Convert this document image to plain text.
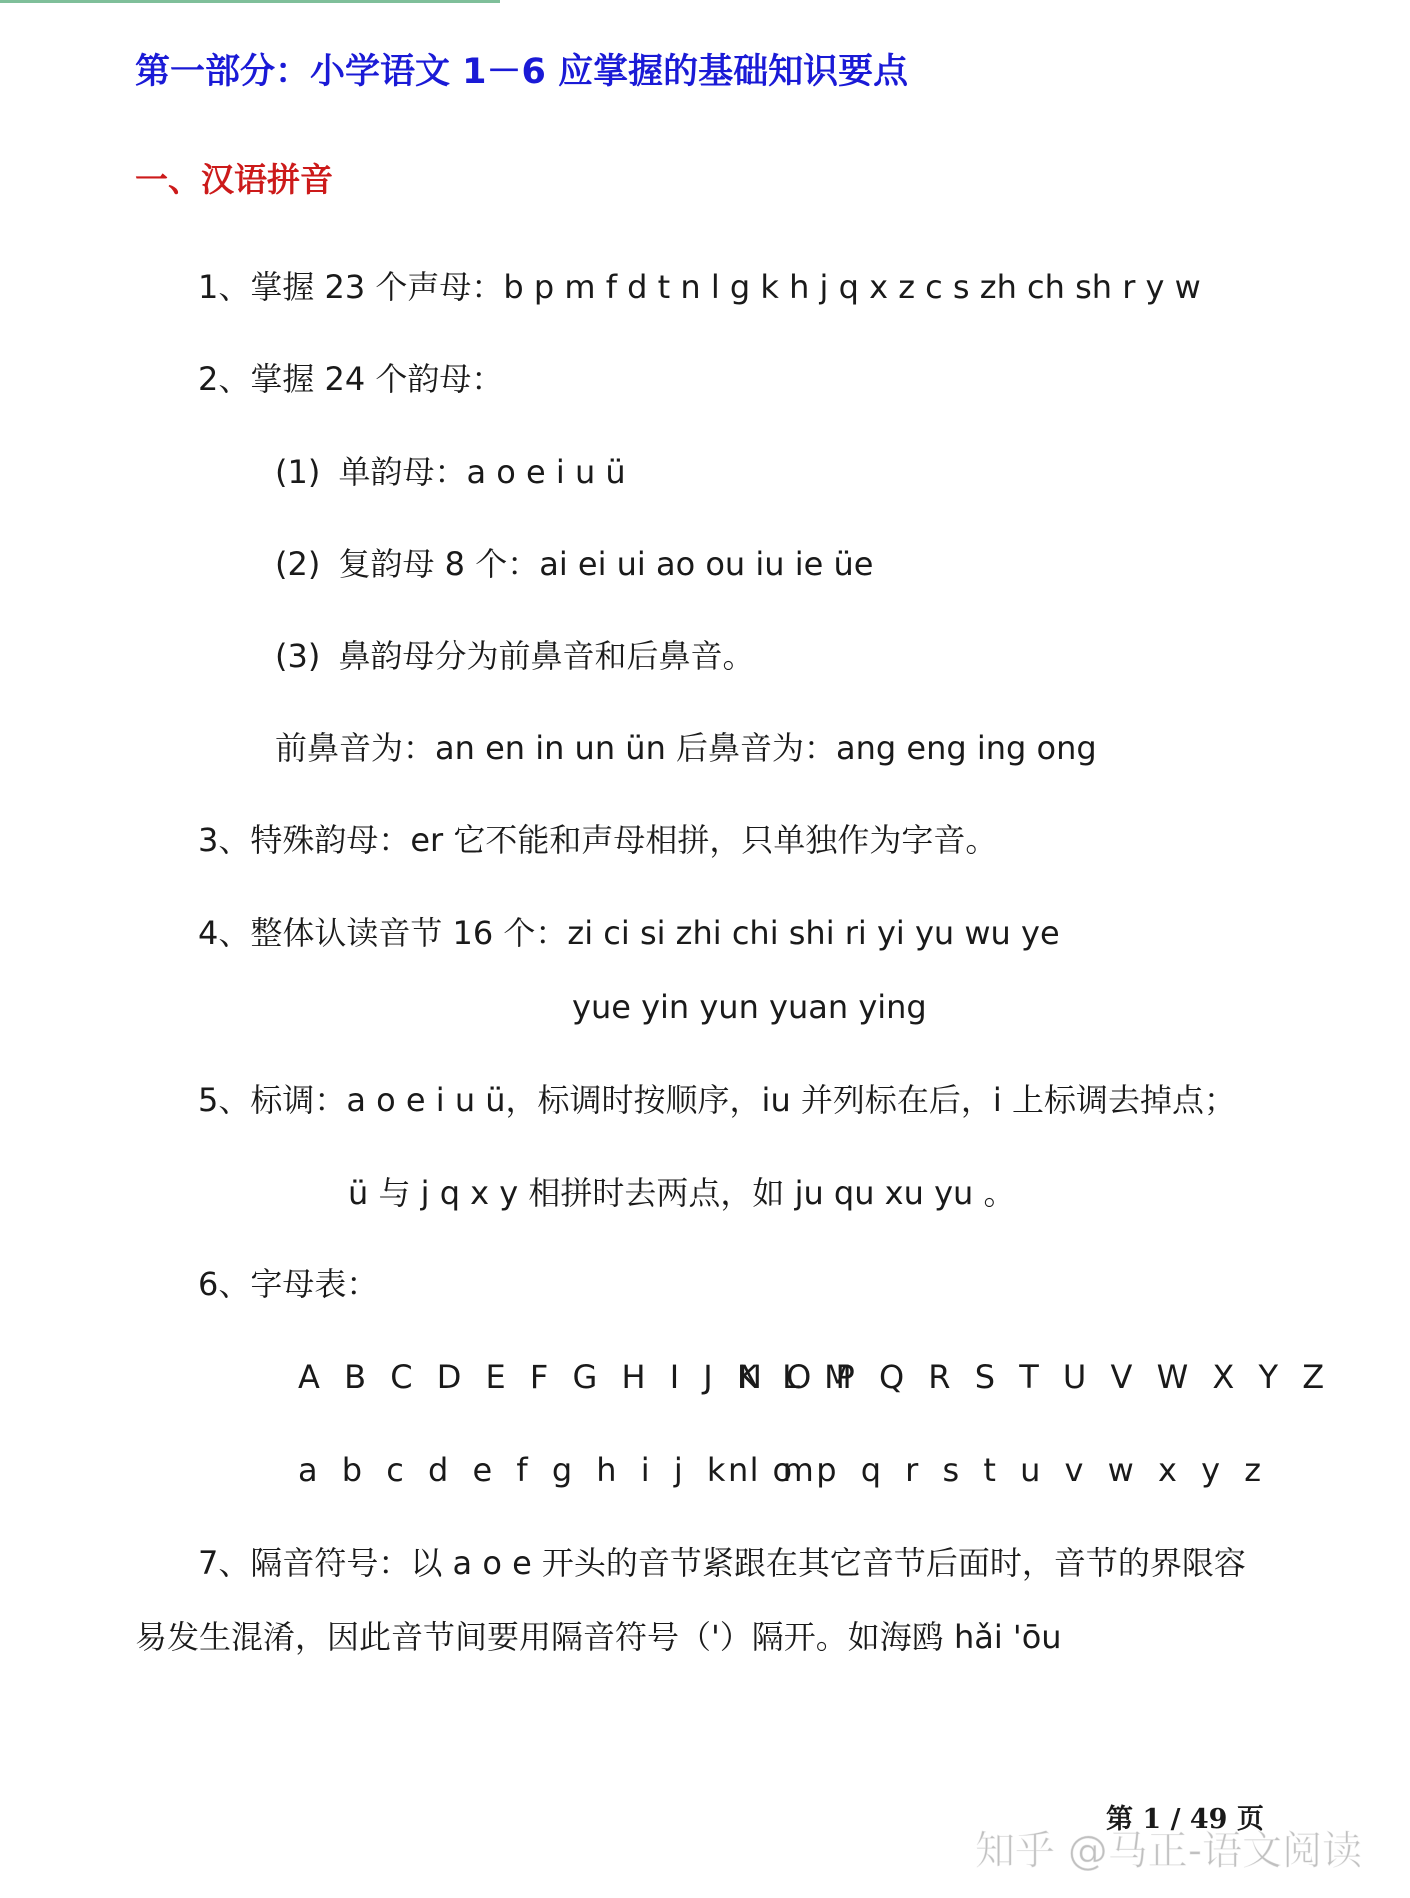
第一部分：小学语文 1－6 应掌握的基础知识要点
一、汉语拼音
1、掌握 23 个声母：b p m f d t n l g k h j q x z c s zh ch sh r y w
2、掌握 24 个韵母：
(1) 单韵母：a o e i u ü
(2) 复韵母 8 个：ai ei ui ao ou iu ie üe
(3) 鼻韵母分为前鼻音和后鼻音。
前鼻音为：an en in un ün 后鼻音为：ang eng ing ong
3、特殊韵母：er 它不能和声母相拼，只单独作为字音。
4、整体认读音节 16 个：zi ci si zhi chi shi ri yi yu wu ye
yue yin yun yuan ying
5、标调：a o e i u ü，标调时按顺序，iu 并列标在后，i 上标调去掉点；
ü 与 j q x y 相拼时去两点，如 ju qu xu yu 。
6、字母表：
A B C D E F G H I J K L M
N O P Q R S T U V W X Y Z
a b c d e f g h i j k l m
n o p q r s t u v w x y z
7、隔音符号：以 a o e 开头的音节紧跟在其它音节后面时，音节的界限容
易发生混淆，因此音节间要用隔音符号（'）隔开。如海鸥 hǎi 'ōu
第 1 / 49 页
知乎 @马正-语文阅读
